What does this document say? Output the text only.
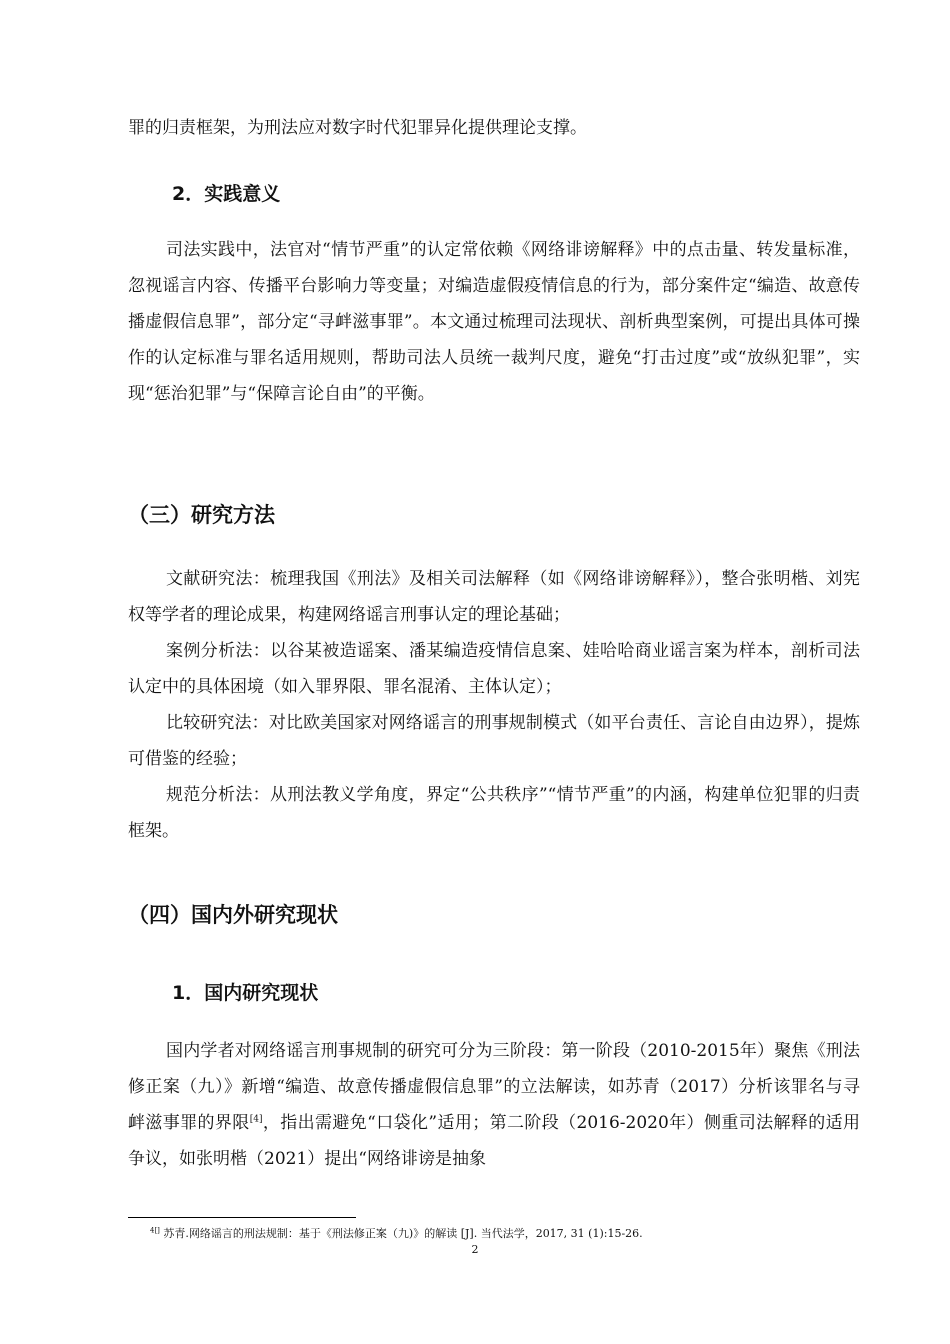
罪的归责框架，为刑法应对数字时代犯罪异化提供理论支撑。

2．实践意义

司法实践中，法官对“情节严重”的认定常依赖《网络诽谤解释》中的点击量、转发量标准，忽视谣言内容、传播平台影响力等变量；对编造虚假疫情信息的行为，部分案件定“编造、故意传播虚假信息罪”，部分定“寻衅滋事罪”。本文通过梳理司法现状、剖析典型案例，可提出具体可操作的认定标准与罪名适用规则，帮助司法人员统一裁判尺度，避免“打击过度”或“放纵犯罪”，实现“惩治犯罪”与“保障言论自由”的平衡。

（三）研究方法

文献研究法：梳理我国《刑法》及相关司法解释（如《网络诽谤解释》），整合张明楷、刘宪权等学者的理论成果，构建网络谣言刑事认定的理论基础；

案例分析法：以谷某被造谣案、潘某编造疫情信息案、娃哈哈商业谣言案为样本，剖析司法认定中的具体困境（如入罪界限、罪名混淆、主体认定）；

比较研究法：对比欧美国家对网络谣言的刑事规制模式（如平台责任、言论自由边界），提炼可借鉴的经验；

规范分析法：从刑法教义学角度，界定“公共秩序”“情节严重”的内涵，构建单位犯罪的归责框架。

（四）国内外研究现状
1．国内研究现状

国内学者对网络谣言刑事规制的研究可分为三阶段：第一阶段（2010-2015年）聚焦《刑法修正案（九）》新增“编造、故意传播虚假信息罪”的立法解读，如苏青（2017）分析该罪名与寻衅滋事罪的界限[4]，指出需避免“口袋化”适用；第二阶段（2016-2020年）侧重司法解释的适用争议，如张明楷（2021）提出“网络诽谤是抽象

$^{4[]}$ 苏青.网络谣言的刑法规制：基于《刑法修正案（九)》的解读 [J]. 当代法学，2017, 31 (1):15-26.

2
